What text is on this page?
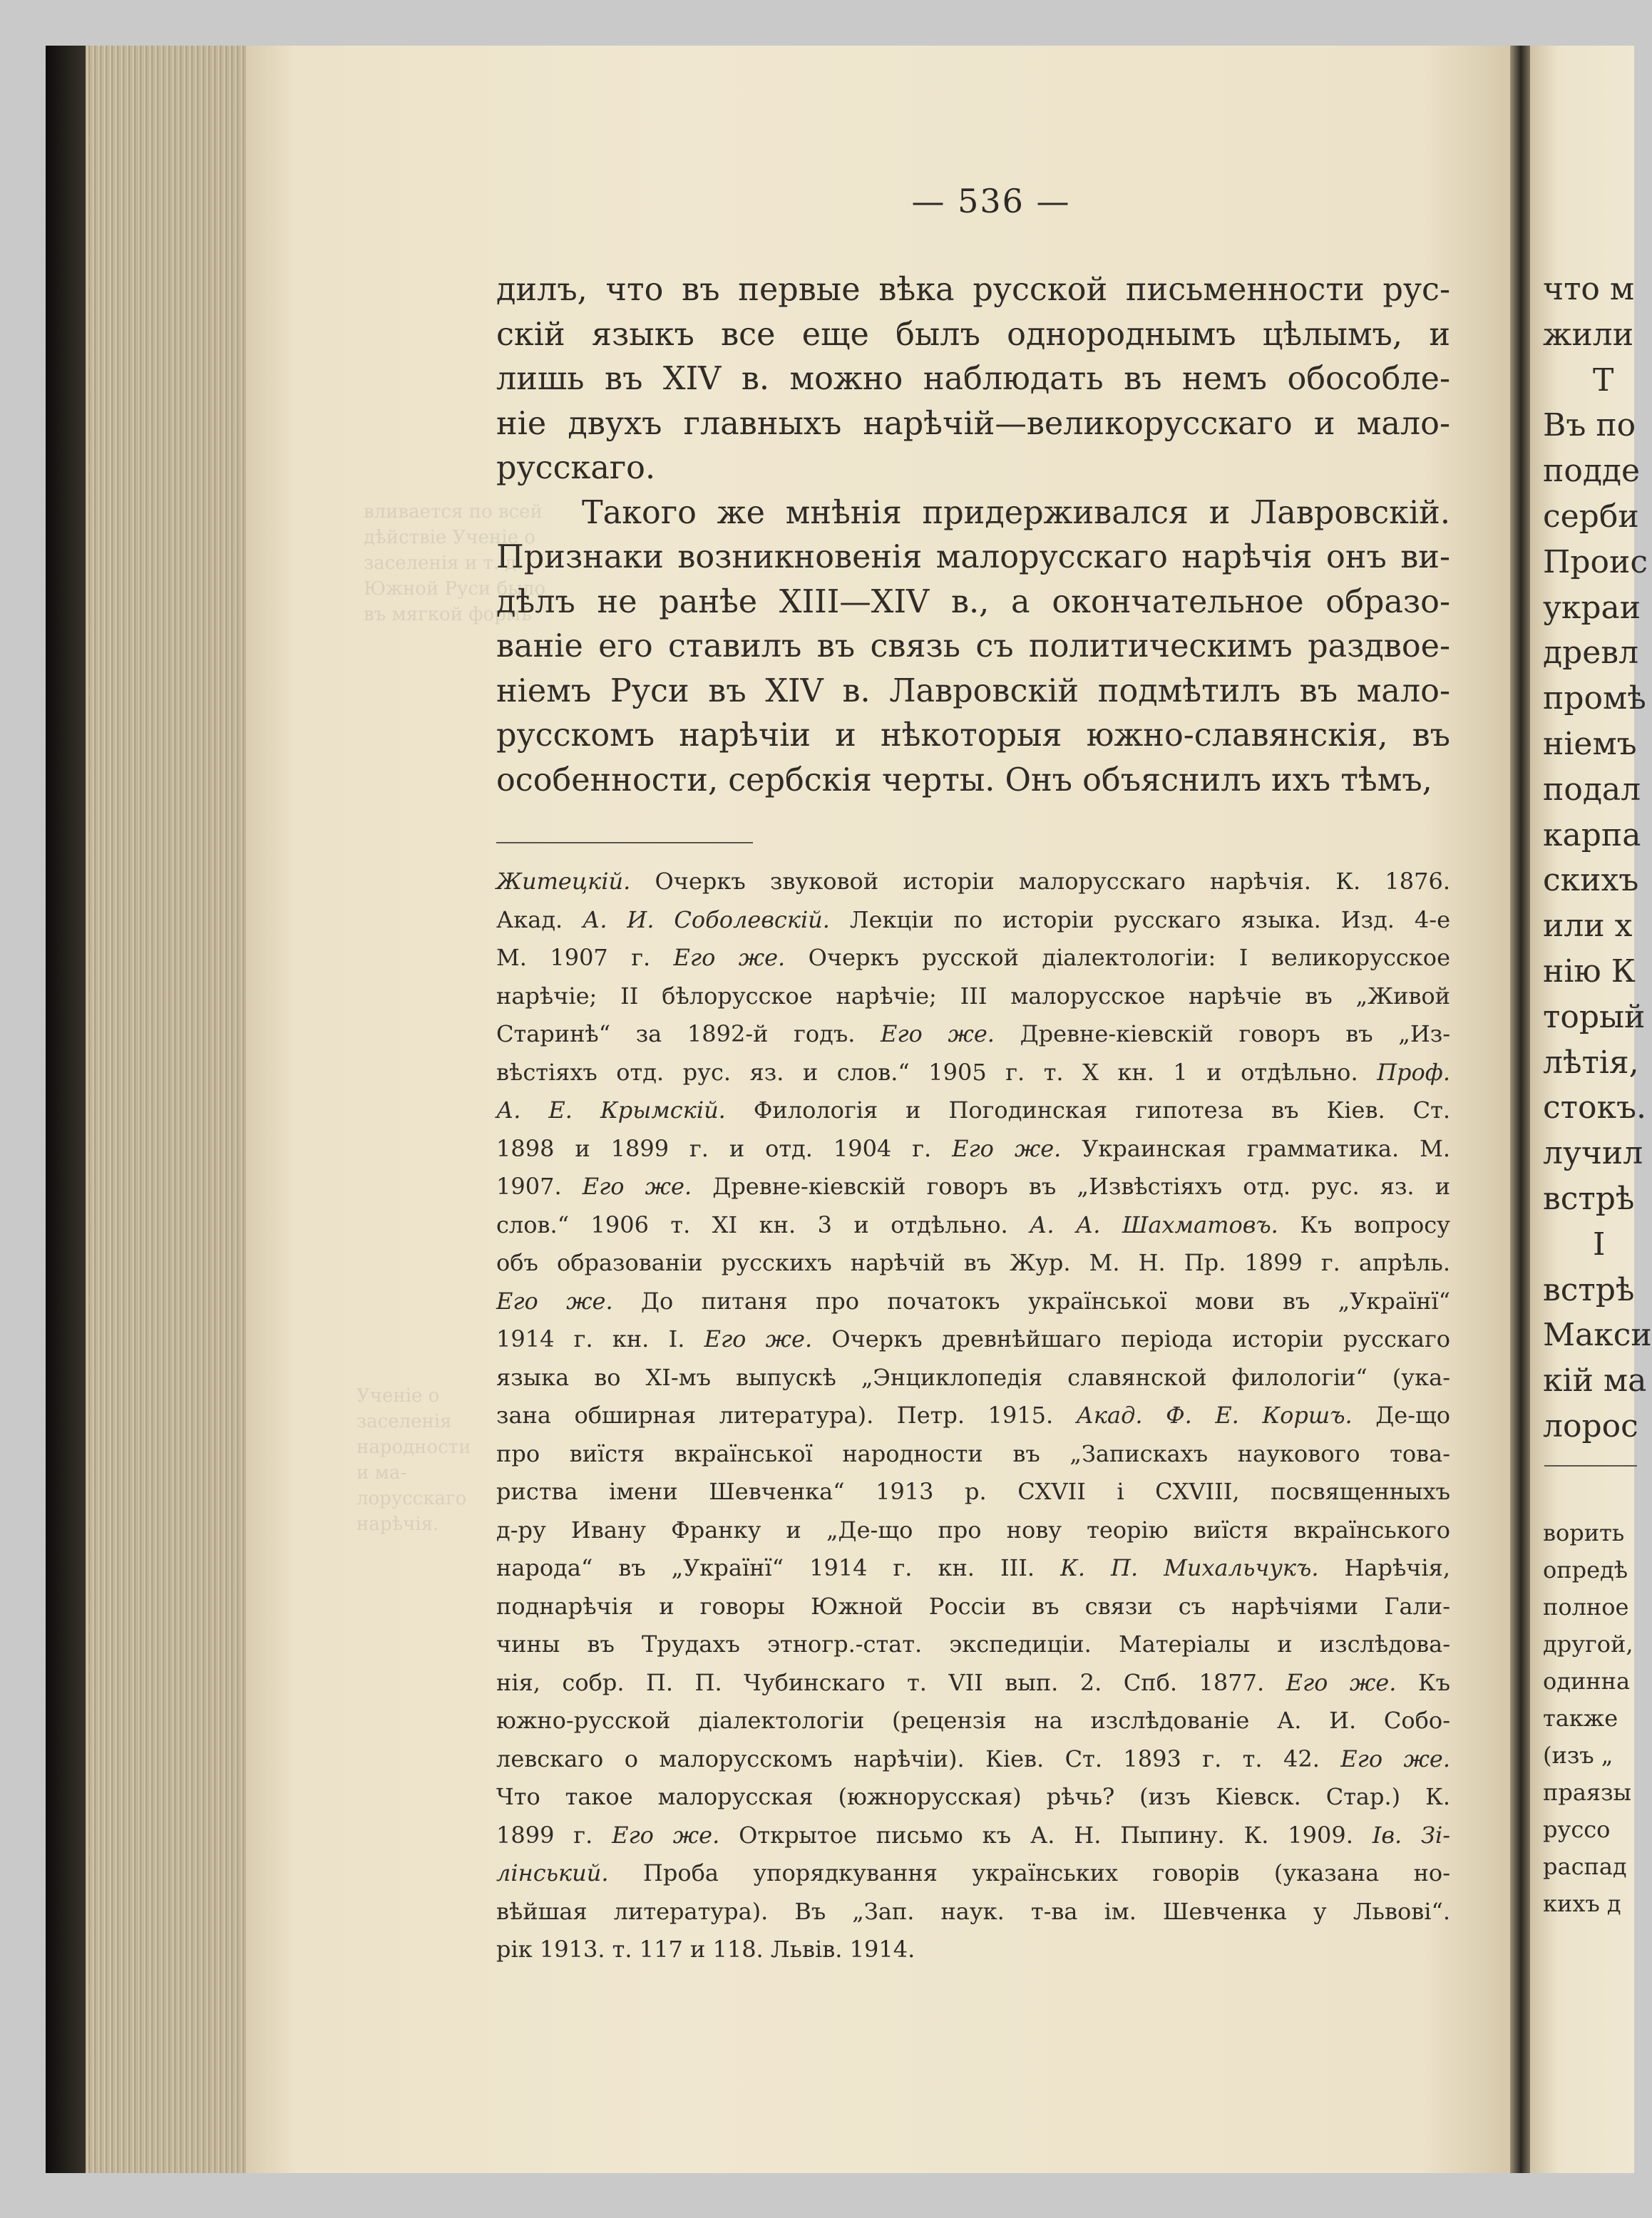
вливается по всей
дѣйствіе Ученіе о
заселенія и т. д.
Южной Руси было
въ мягкой формѣ
Ученіе о
заселенія
народности
и ма-
лорусскаго
нарѣчія.
— 536 —

дилъ, что въ первые вѣка русской письменности рус-

скій языкъ все еще былъ однороднымъ цѣлымъ, и

лишь въ XIV в. можно наблюдать въ немъ обособле-

ніе двухъ главныхъ нарѣчій—великорусскаго и мало-

русскаго.

Такого же мнѣнія придерживался и Лавровскій.

Признаки возникновенія малорусскаго нарѣчія онъ ви-

дѣлъ не ранѣе XIII—XIV в., а окончательное образо-

ваніе его ставилъ въ связь съ политическимъ раздвое-

ніемъ Руси въ XIV в. Лавровскій подмѣтилъ въ мало-

русскомъ нарѣчіи и нѣкоторыя южно-славянскія, въ

особенности, сербскія черты. Онъ объяснилъ ихъ тѣмъ,

Житецкій. Очеркъ звуковой исторіи малорусскаго нарѣчія. К. 1876.
Акад. А. И. Соболевскій. Лекціи по исторіи русскаго языка. Изд. 4-е
М. 1907 г. Его же. Очеркъ русской діалектологіи: I великорусское
нарѣчіе; II бѣлорусское нарѣчіе; III малорусское нарѣчіе въ „Живой
Старинѣ“ за 1892-й годъ. Его же. Древне-кіевскій говоръ въ „Из-
вѣстіяхъ отд. рус. яз. и слов.“ 1905 г. т. X кн. 1 и отдѣльно. Проф.
А. Е. Крымскій. Филологія и Погодинская гипотеза въ Кіев. Ст.
1898 и 1899 г. и отд. 1904 г. Его же. Украинская грамматика. М.
1907. Его же. Древне-кіевскій говоръ въ „Извѣстіяхъ отд. рус. яз. и
слов.“ 1906 т. XI кн. 3 и отдѣльно. А. А. Шахматовъ. Къ вопросу
объ образованіи русскихъ нарѣчій въ Жур. М. Н. Пр. 1899 г. апрѣль.
Его же. До питаня про початокъ української мови въ „Українї“
1914 г. кн. I. Его же. Очеркъ древнѣйшаго періода исторіи русскаго
языка во XI-мъ выпускѣ „Энциклопедія славянской филологіи“ (ука-
зана обширная литература). Петр. 1915. Акад. Ф. Е. Коршъ. Де-що
про виїстя вкраїнської народности въ „Запискахъ наукового това-
риства імени Шевченка“ 1913 р. CXVII і CXVIII, посвященныхъ
д-ру Ивану Франку и „Де-що про нову теорію виїстя вкраїнського
народа“ въ „Українї“ 1914 г. кн. III. К. П. Михальчукъ. Нарѣчія,
поднарѣчія и говоры Южной Россіи въ связи съ нарѣчіями Гали-
чины въ Трудахъ этногр.-стат. экспедиціи. Матеріалы и изслѣдова-
нія, собр. П. П. Чубинскаго т. VII вып. 2. Спб. 1877. Его же. Къ
южно-русской діалектологіи (рецензія на изслѣдованіе А. И. Собо-
левскаго о малорусскомъ нарѣчіи). Кіев. Ст. 1893 г. т. 42. Его же.
Что такое малорусская (южнорусская) рѣчь? (изъ Кіевск. Стар.) К.
1899 г. Его же. Открытое письмо къ А. Н. Пыпину. К. 1909. Ів. Зі-
лінський. Проба упорядкування українських говорів (указана но-
вѣйшая литература). Въ „Зап. наук. т-ва ім. Шевченка у Львові“.
рік 1913. т. 117 и 118. Львів. 1914.
что м
жили
Т
Въ по
подде
серби
Проис
украи
древл
промѣ
ніемъ
подал
карпа
скихъ
или х
нію К
торый
лѣтія,
стокъ.
лучил
встрѣ
І
встрѣ
Макси
кій ма
лорос
ворить
опредѣ
полное
другой,
одинна
также
(изъ „
праязы
руссо
распад
кихъ д
